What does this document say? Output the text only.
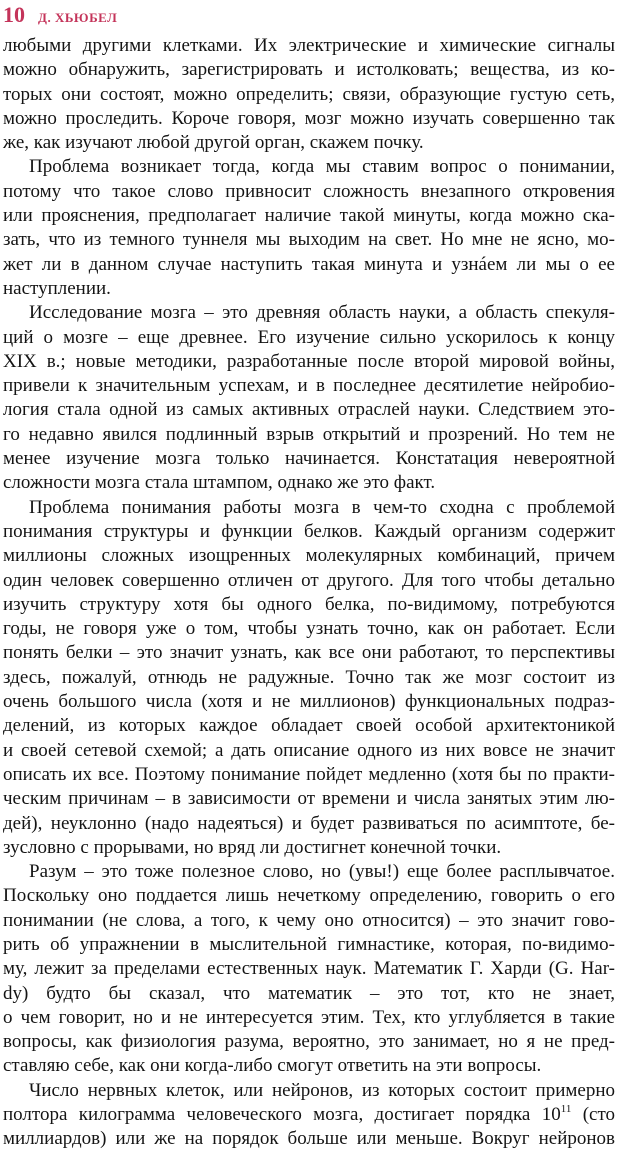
10 Д. ХЬЮБЕЛ
любыми другими клетками. Их электрические и химические сигналы
можно обнаружить, зарегистрировать и истолковать; вещества, из ко-
торых они состоят, можно определить; связи, образующие густую сеть,
можно проследить. Короче говоря, мозг можно изучать совершенно так
же, как изучают любой другой орган, скажем почку.
Проблема возникает тогда, когда мы ставим вопрос о понимании,
потому что такое слово привносит сложность внезапного откровения
или прояснения, предполагает наличие такой минуты, когда можно ска-
зать, что из темного туннеля мы выходим на свет. Но мне не ясно, мо-
жет ли в данном случае наступить такая минута и узнáем ли мы о ее
наступлении.
Исследование мозга – это древняя область науки, а область спекуля-
ций о мозге – еще древнее. Его изучение сильно ускорилось к концу
XIX в.; новые методики, разработанные после второй мировой войны,
привели к значительным успехам, и в последнее десятилетие нейробио-
логия стала одной из самых активных отраслей науки. Следствием это-
го недавно явился подлинный взрыв открытий и прозрений. Но тем не
менее изучение мозга только начинается. Констатация невероятной
сложности мозга стала штампом, однако же это факт.
Проблема понимания работы мозга в чем-то сходна с проблемой
понимания структуры и функции белков. Каждый организм содержит
миллионы сложных изощренных молекулярных комбинаций, причем
один человек совершенно отличен от другого. Для того чтобы детально
изучить структуру хотя бы одного белка, по-видимому, потребуются
годы, не говоря уже о том, чтобы узнать точно, как он работает. Если
понять белки – это значит узнать, как все они работают, то перспективы
здесь, пожалуй, отнюдь не радужные. Точно так же мозг состоит из
очень большого числа (хотя и не миллионов) функциональных подраз-
делений, из которых каждое обладает своей особой архитектоникой
и своей сетевой схемой; а дать описание одного из них вовсе не значит
описать их все. Поэтому понимание пойдет медленно (хотя бы по практи-
ческим причинам – в зависимости от времени и числа занятых этим лю-
дей), неуклонно (надо надеяться) и будет развиваться по асимптоте, бе-
зусловно с прорывами, но вряд ли достигнет конечной точки.
Разум – это тоже полезное слово, но (увы!) еще более расплывчатое.
Поскольку оно поддается лишь нечеткому определению, говорить о его
понимании (не слова, а того, к чему оно относится) – это значит гово-
рить об упражнении в мыслительной гимнастике, которая, по-видимо-
му, лежит за пределами естественных наук. Математик Г. Харди (G. Har-
dy) будто бы сказал, что математик – это тот, кто не знает,
о чем говорит, но и не интересуется этим. Тех, кто углубляется в такие
вопросы, как физиология разума, вероятно, это занимает, но я не пред-
ставляю себе, как они когда-либо смогут ответить на эти вопросы.
Число нервных клеток, или нейронов, из которых состоит примерно
полтора килограмма человеческого мозга, достигает порядка $10^{11}$ (сто
миллиардов) или же на порядок больше или меньше. Вокруг нейронов
